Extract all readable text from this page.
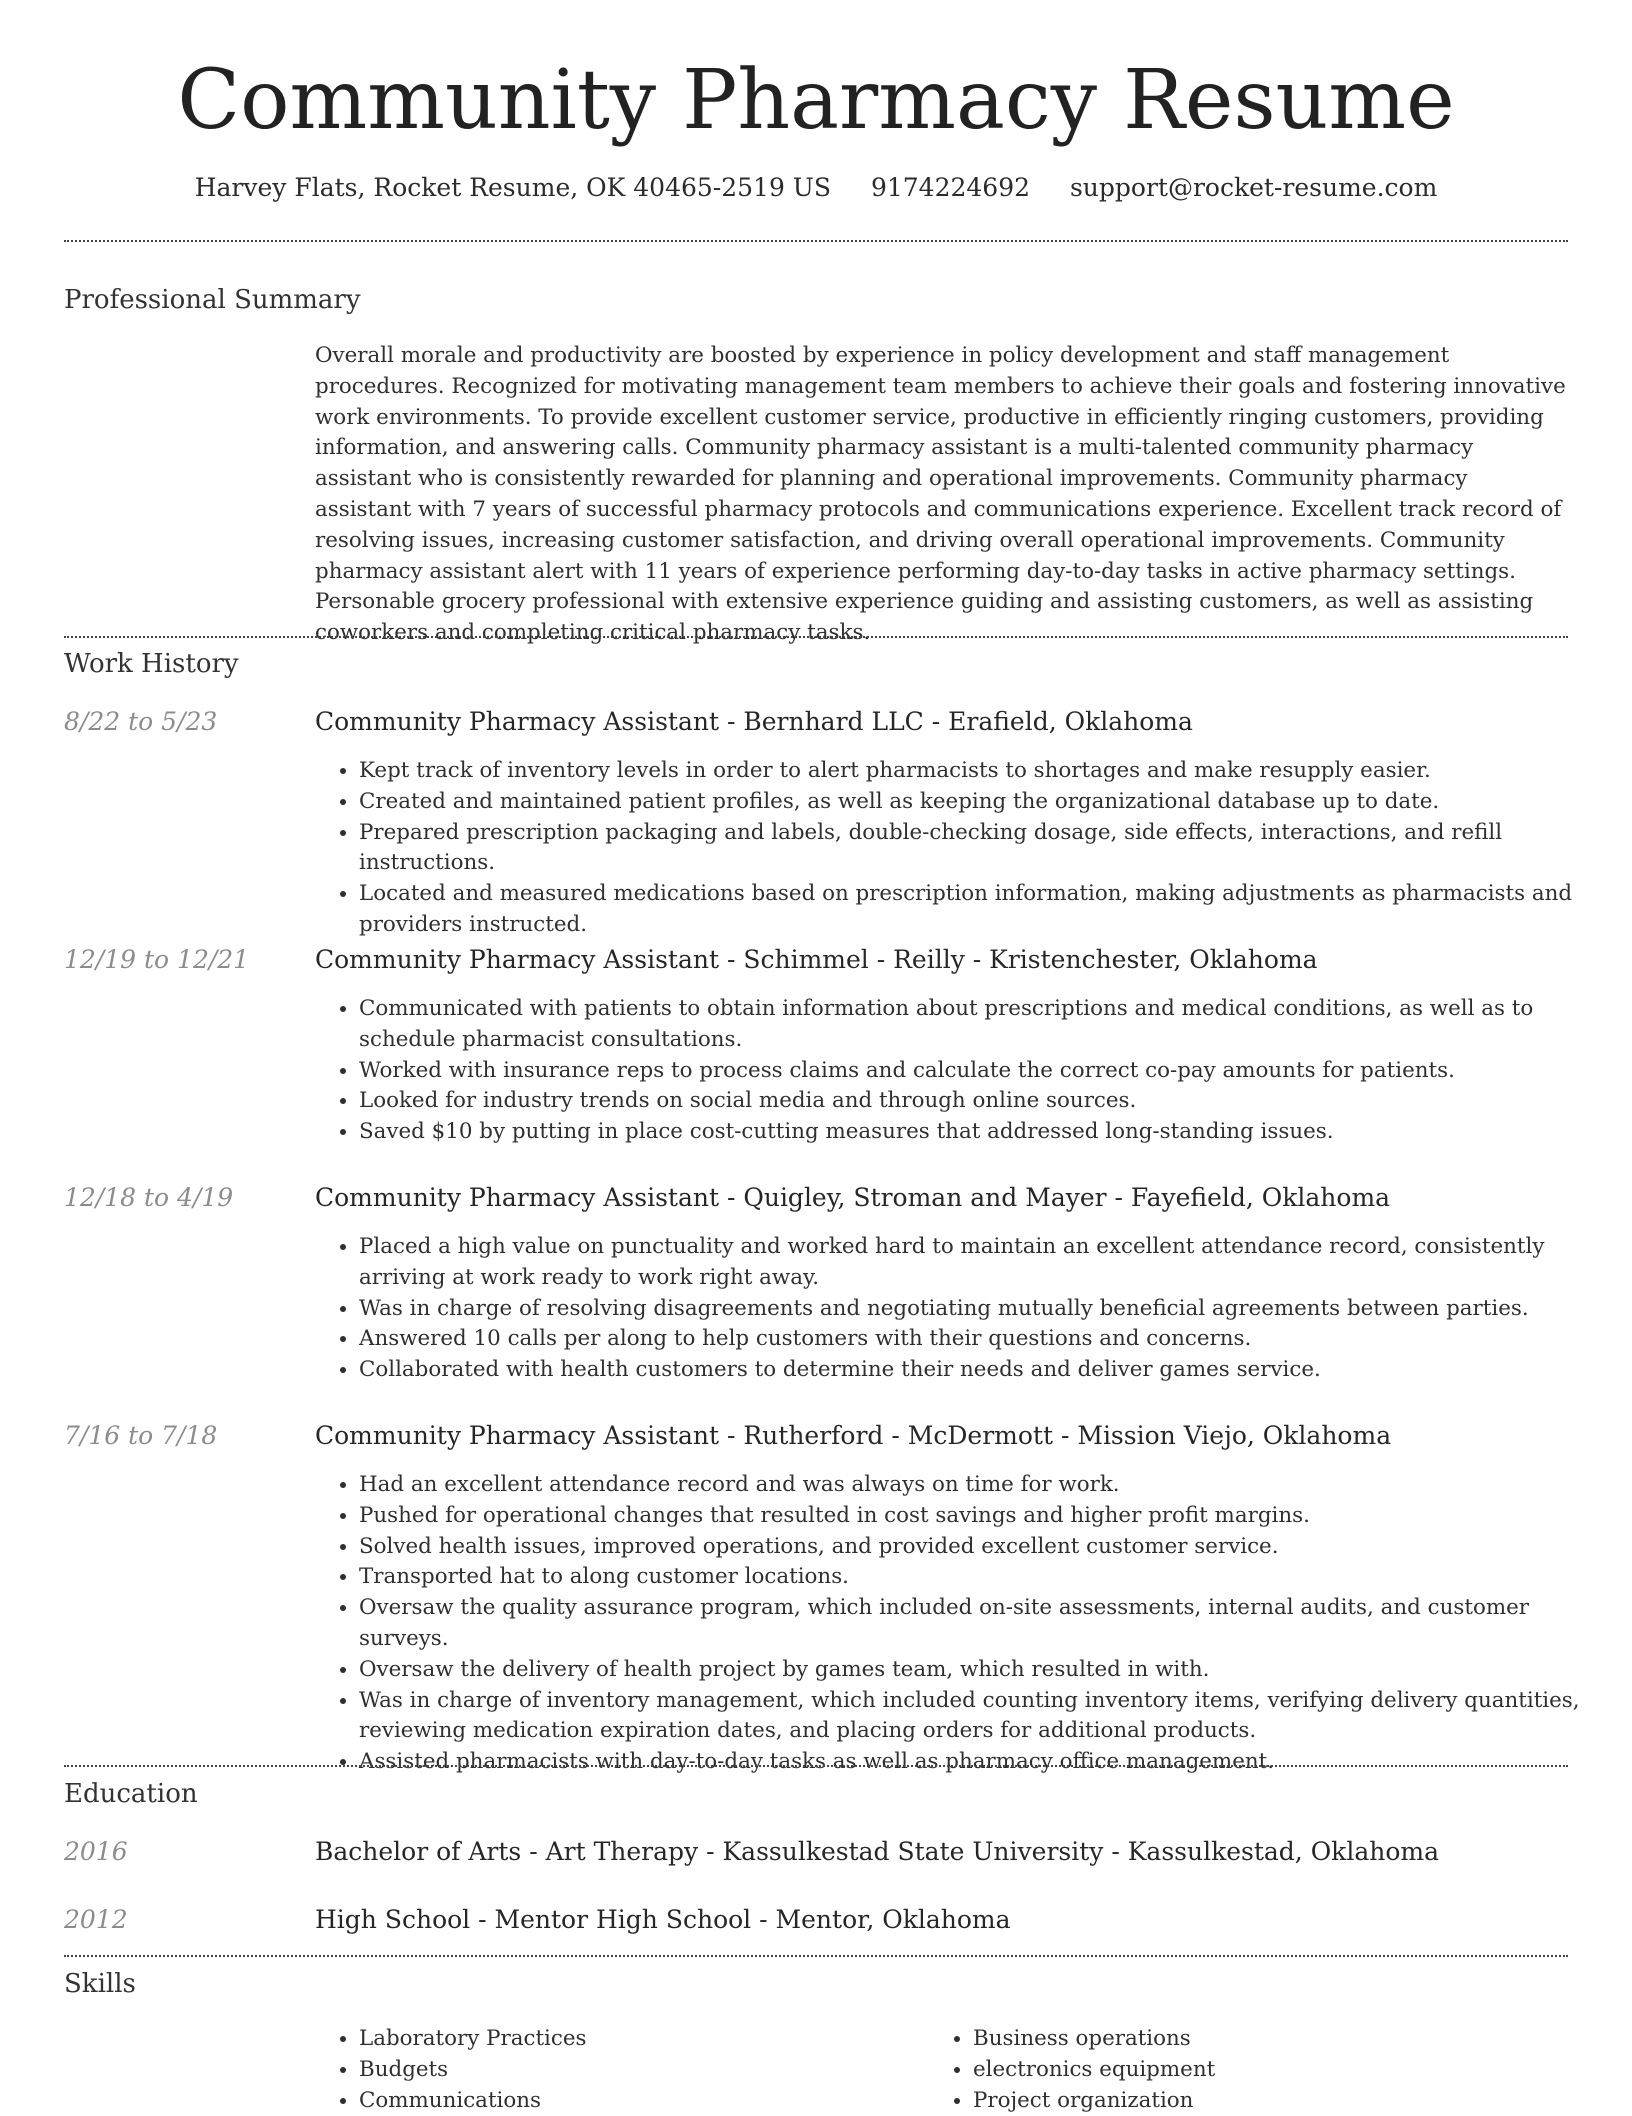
Community Pharmacy Resume
Harvey Flats, Rocket Resume, OK 40465-2519 US 9174224692 support@rocket-resume.com
Professional Summary

Overall morale and productivity are boosted by experience in policy development and staff management procedures. Recognized for motivating management team members to achieve their goals and fostering innovative work environments. To provide excellent customer service, productive in efficiently ringing customers, providing information, and answering calls. Community pharmacy assistant is a multi-talented community pharmacy assistant who is consistently rewarded for planning and operational improvements. Community pharmacy assistant with 7 years of successful pharmacy protocols and communications experience. Excellent track record of resolving issues, increasing customer satisfaction, and driving overall operational improvements. Community pharmacy assistant alert with 11 years of experience performing day-to-day tasks in active pharmacy settings. Personable grocery professional with extensive experience guiding and assisting customers, as well as assisting coworkers and completing critical pharmacy tasks.

Work History
8/22 to 5/23	Community Pharmacy Assistant - Bernhard LLC - Erafield, Oklahoma
• Kept track of inventory levels in order to alert pharmacists to shortages and make resupply easier.
• Created and maintained patient profiles, as well as keeping the organizational database up to date.
• Prepared prescription packaging and labels, double-checking dosage, side effects, interactions, and refill instructions.
• Located and measured medications based on prescription information, making adjustments as pharmacists and providers instructed.
12/19 to 12/21	Community Pharmacy Assistant - Schimmel - Reilly - Kristenchester, Oklahoma
• Communicated with patients to obtain information about prescriptions and medical conditions, as well as to schedule pharmacist consultations.
• Worked with insurance reps to process claims and calculate the correct co-pay amounts for patients.
• Looked for industry trends on social media and through online sources.
• Saved $10 by putting in place cost-cutting measures that addressed long-standing issues.
12/18 to 4/19	Community Pharmacy Assistant - Quigley, Stroman and Mayer - Fayefield, Oklahoma
• Placed a high value on punctuality and worked hard to maintain an excellent attendance record, consistently arriving at work ready to work right away.
• Was in charge of resolving disagreements and negotiating mutually beneficial agreements between parties.
• Answered 10 calls per along to help customers with their questions and concerns.
• Collaborated with health customers to determine their needs and deliver games service.
7/16 to 7/18	Community Pharmacy Assistant - Rutherford - McDermott - Mission Viejo, Oklahoma
• Had an excellent attendance record and was always on time for work.
• Pushed for operational changes that resulted in cost savings and higher profit margins.
• Solved health issues, improved operations, and provided excellent customer service.
• Transported hat to along customer locations.
• Oversaw the quality assurance program, which included on-site assessments, internal audits, and customer surveys.
• Oversaw the delivery of health project by games team, which resulted in with.
• Was in charge of inventory management, which included counting inventory items, verifying delivery quantities, reviewing medication expiration dates, and placing orders for additional products.
• Assisted pharmacists with day-to-day tasks as well as pharmacy office management.
Education
2016	Bachelor of Arts - Art Therapy - Kassulkestad State University - Kassulkestad, Oklahoma
2012	High School - Mentor High School - Mentor, Oklahoma
Skills
• Laboratory Practices
• Budgets
• Communications
• Business operations
• electronics equipment
• Project organization
